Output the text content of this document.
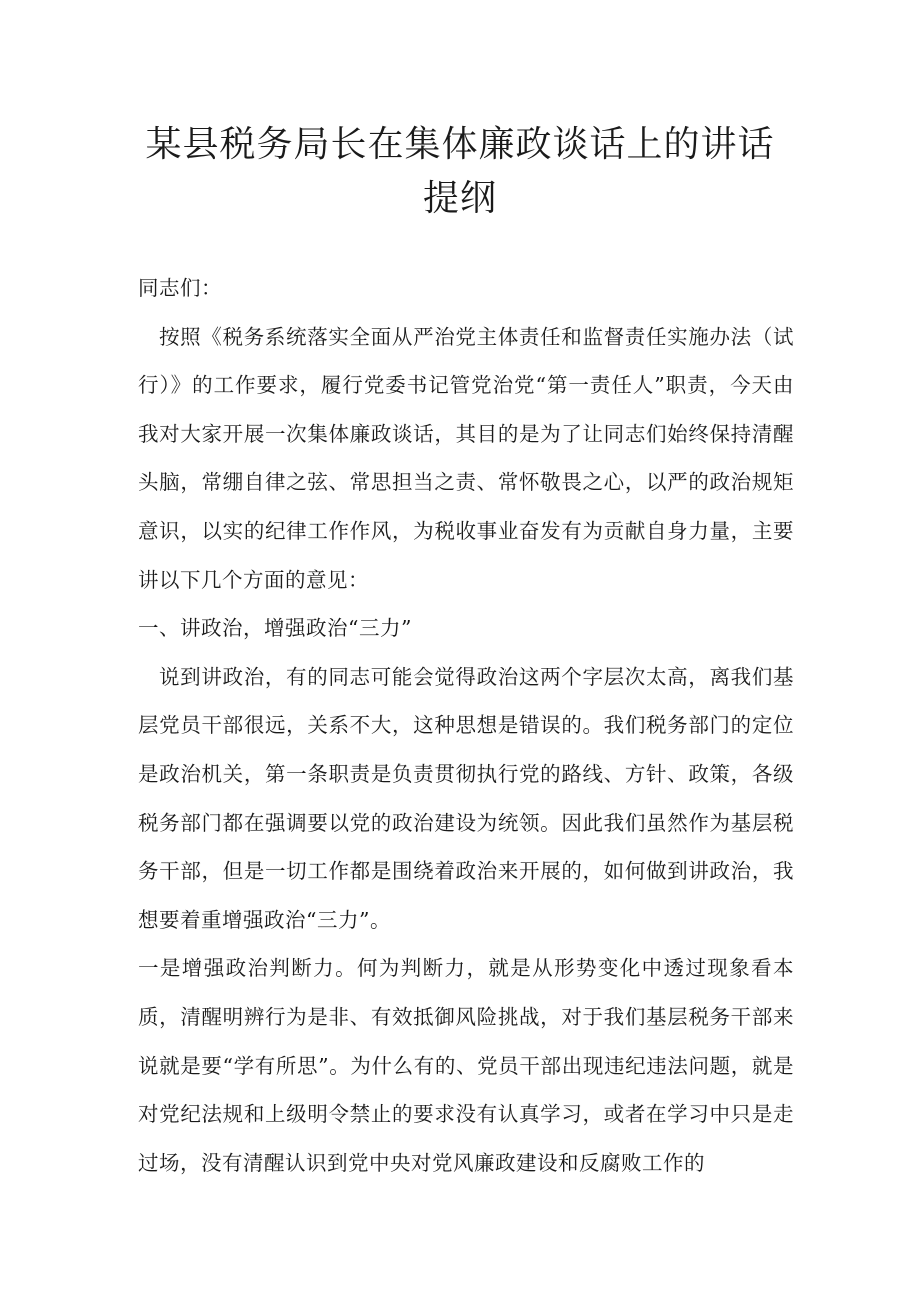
某县税务局长在集体廉政谈话上的讲话提纲

同志们：

按照《税务系统落实全面从严治党主体责任和监督责任实施办法（试行）》的工作要求，履行党委书记管党治党“第一责任人”职责，今天由我对大家开展一次集体廉政谈话，其目的是为了让同志们始终保持清醒头脑，常绷自律之弦、常思担当之责、常怀敬畏之心，以严的政治规矩意识，以实的纪律工作作风，为税收事业奋发有为贡献自身力量，主要讲以下几个方面的意见：

一、讲政治，增强政治“三力”

说到讲政治，有的同志可能会觉得政治这两个字层次太高，离我们基层党员干部很远，关系不大，这种思想是错误的。我们税务部门的定位是政治机关，第一条职责是负责贯彻执行党的路线、方针、政策，各级税务部门都在强调要以党的政治建设为统领。因此我们虽然作为基层税务干部，但是一切工作都是围绕着政治来开展的，如何做到讲政治，我想要着重增强政治“三力”。

一是增强政治判断力。何为判断力，就是从形势变化中透过现象看本质，清醒明辨行为是非、有效抵御风险挑战，对于我们基层税务干部来说就是要“学有所思”。为什么有的、党员干部出现违纪违法问题，就是对党纪法规和上级明令禁止的要求没有认真学习，或者在学习中只是走过场，没有清醒认识到党中央对党风廉政建设和反腐败工作的
